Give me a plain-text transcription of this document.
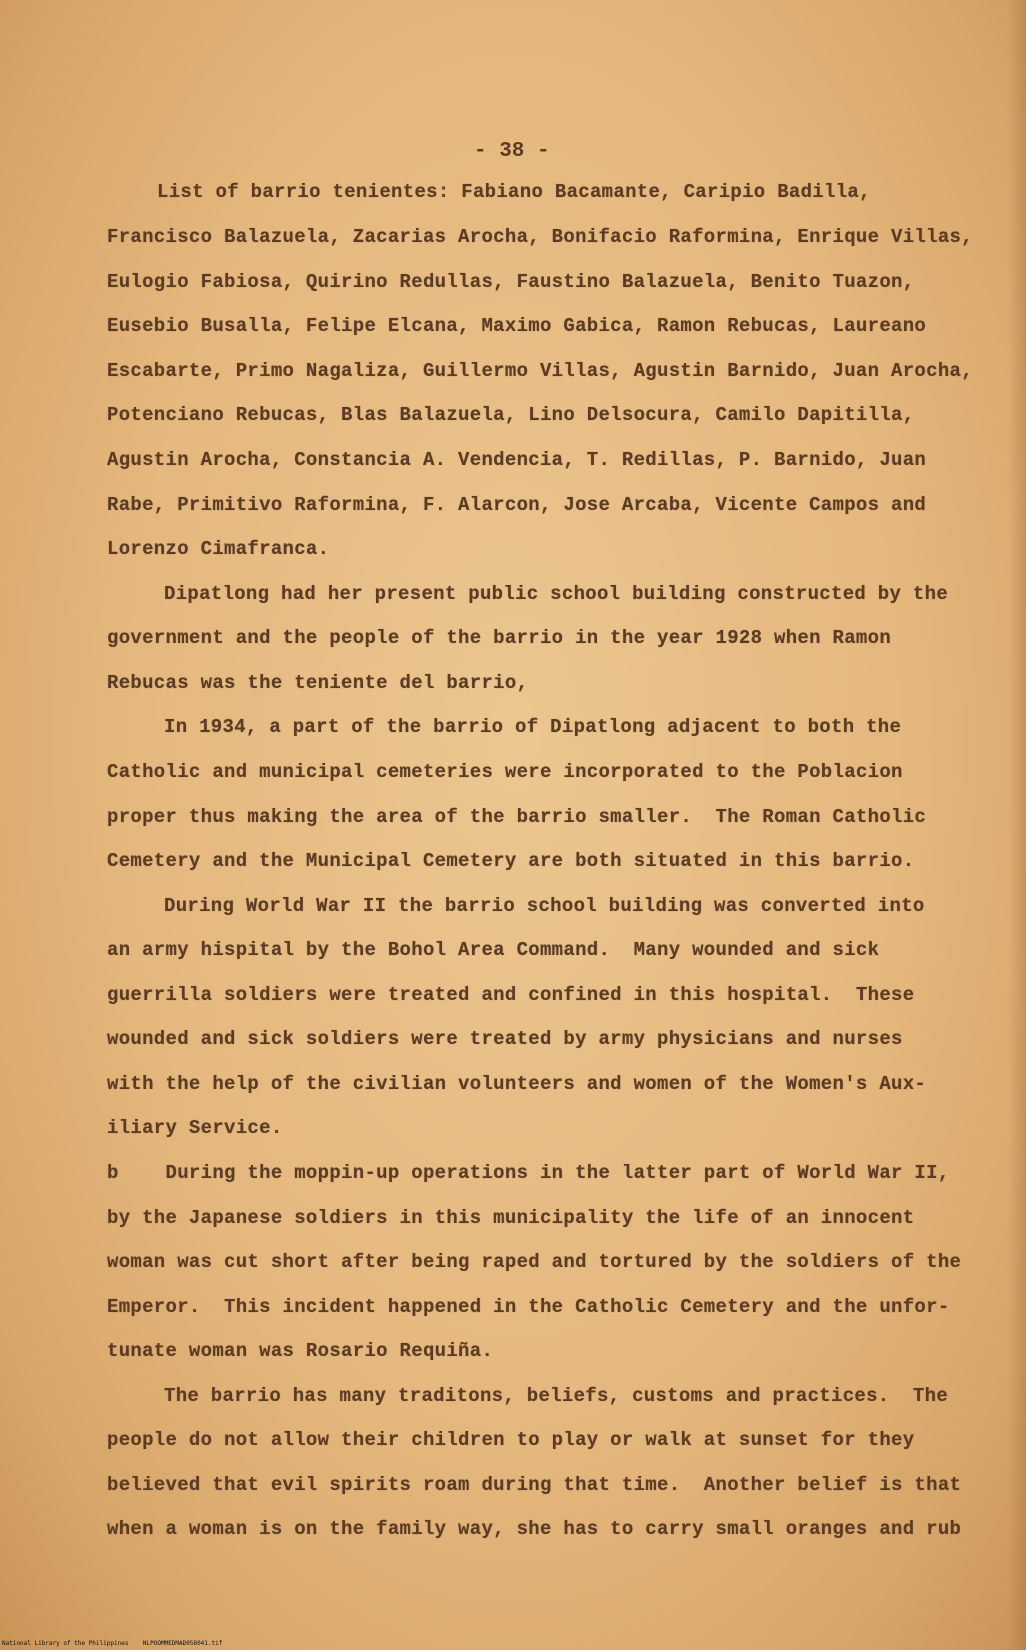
- 38 -
List of barrio tenientes: Fabiano Bacamante, Caripio Badilla,
Francisco Balazuela, Zacarias Arocha, Bonifacio Raformina, Enrique Villas,
Eulogio Fabiosa, Quirino Redullas, Faustino Balazuela, Benito Tuazon,
Eusebio Busalla, Felipe Elcana, Maximo Gabica, Ramon Rebucas, Laureano
Escabarte, Primo Nagaliza, Guillermo Villas, Agustin Barnido, Juan Arocha,
Potenciano Rebucas, Blas Balazuela, Lino Delsocura, Camilo Dapitilla,
Agustin Arocha, Constancia A. Vendencia, T. Redillas, P. Barnido, Juan
Rabe, Primitivo Raformina, F. Alarcon, Jose Arcaba, Vicente Campos and
Lorenzo Cimafranca.
Dipatlong had her present public school building constructed by the
government and the people of the barrio in the year 1928 when Ramon
Rebucas was the teniente del barrio,
In 1934, a part of the barrio of Dipatlong adjacent to both the
Catholic and municipal cemeteries were incorporated to the Poblacion
proper thus making the area of the barrio smaller.  The Roman Catholic
Cemetery and the Municipal Cemetery are both situated in this barrio.
During World War II the barrio school building was converted into
an army hispital by the Bohol Area Command.  Many wounded and sick
guerrilla soldiers were treated and confined in this hospital.  These
wounded and sick soldiers were treated by army physicians and nurses
with the help of the civilian volunteers and women of the Women's Aux-
iliary Service.
b    During the moppin-up operations in the latter part of World War II,
by the Japanese soldiers in this municipality the life of an innocent
woman was cut short after being raped and tortured by the soldiers of the
Emperor.  This incident happened in the Catholic Cemetery and the unfor-
tunate woman was Rosario Requiña.
The barrio has many traditons, beliefs, customs and practices.  The
people do not allow their children to play or walk at sunset for they
believed that evil spirits roam during that time.  Another belief is that
when a woman is on the family way, she has to carry small oranges and rub
National Library of the Philippines    NLPOOMMEDMAD058041.tif
